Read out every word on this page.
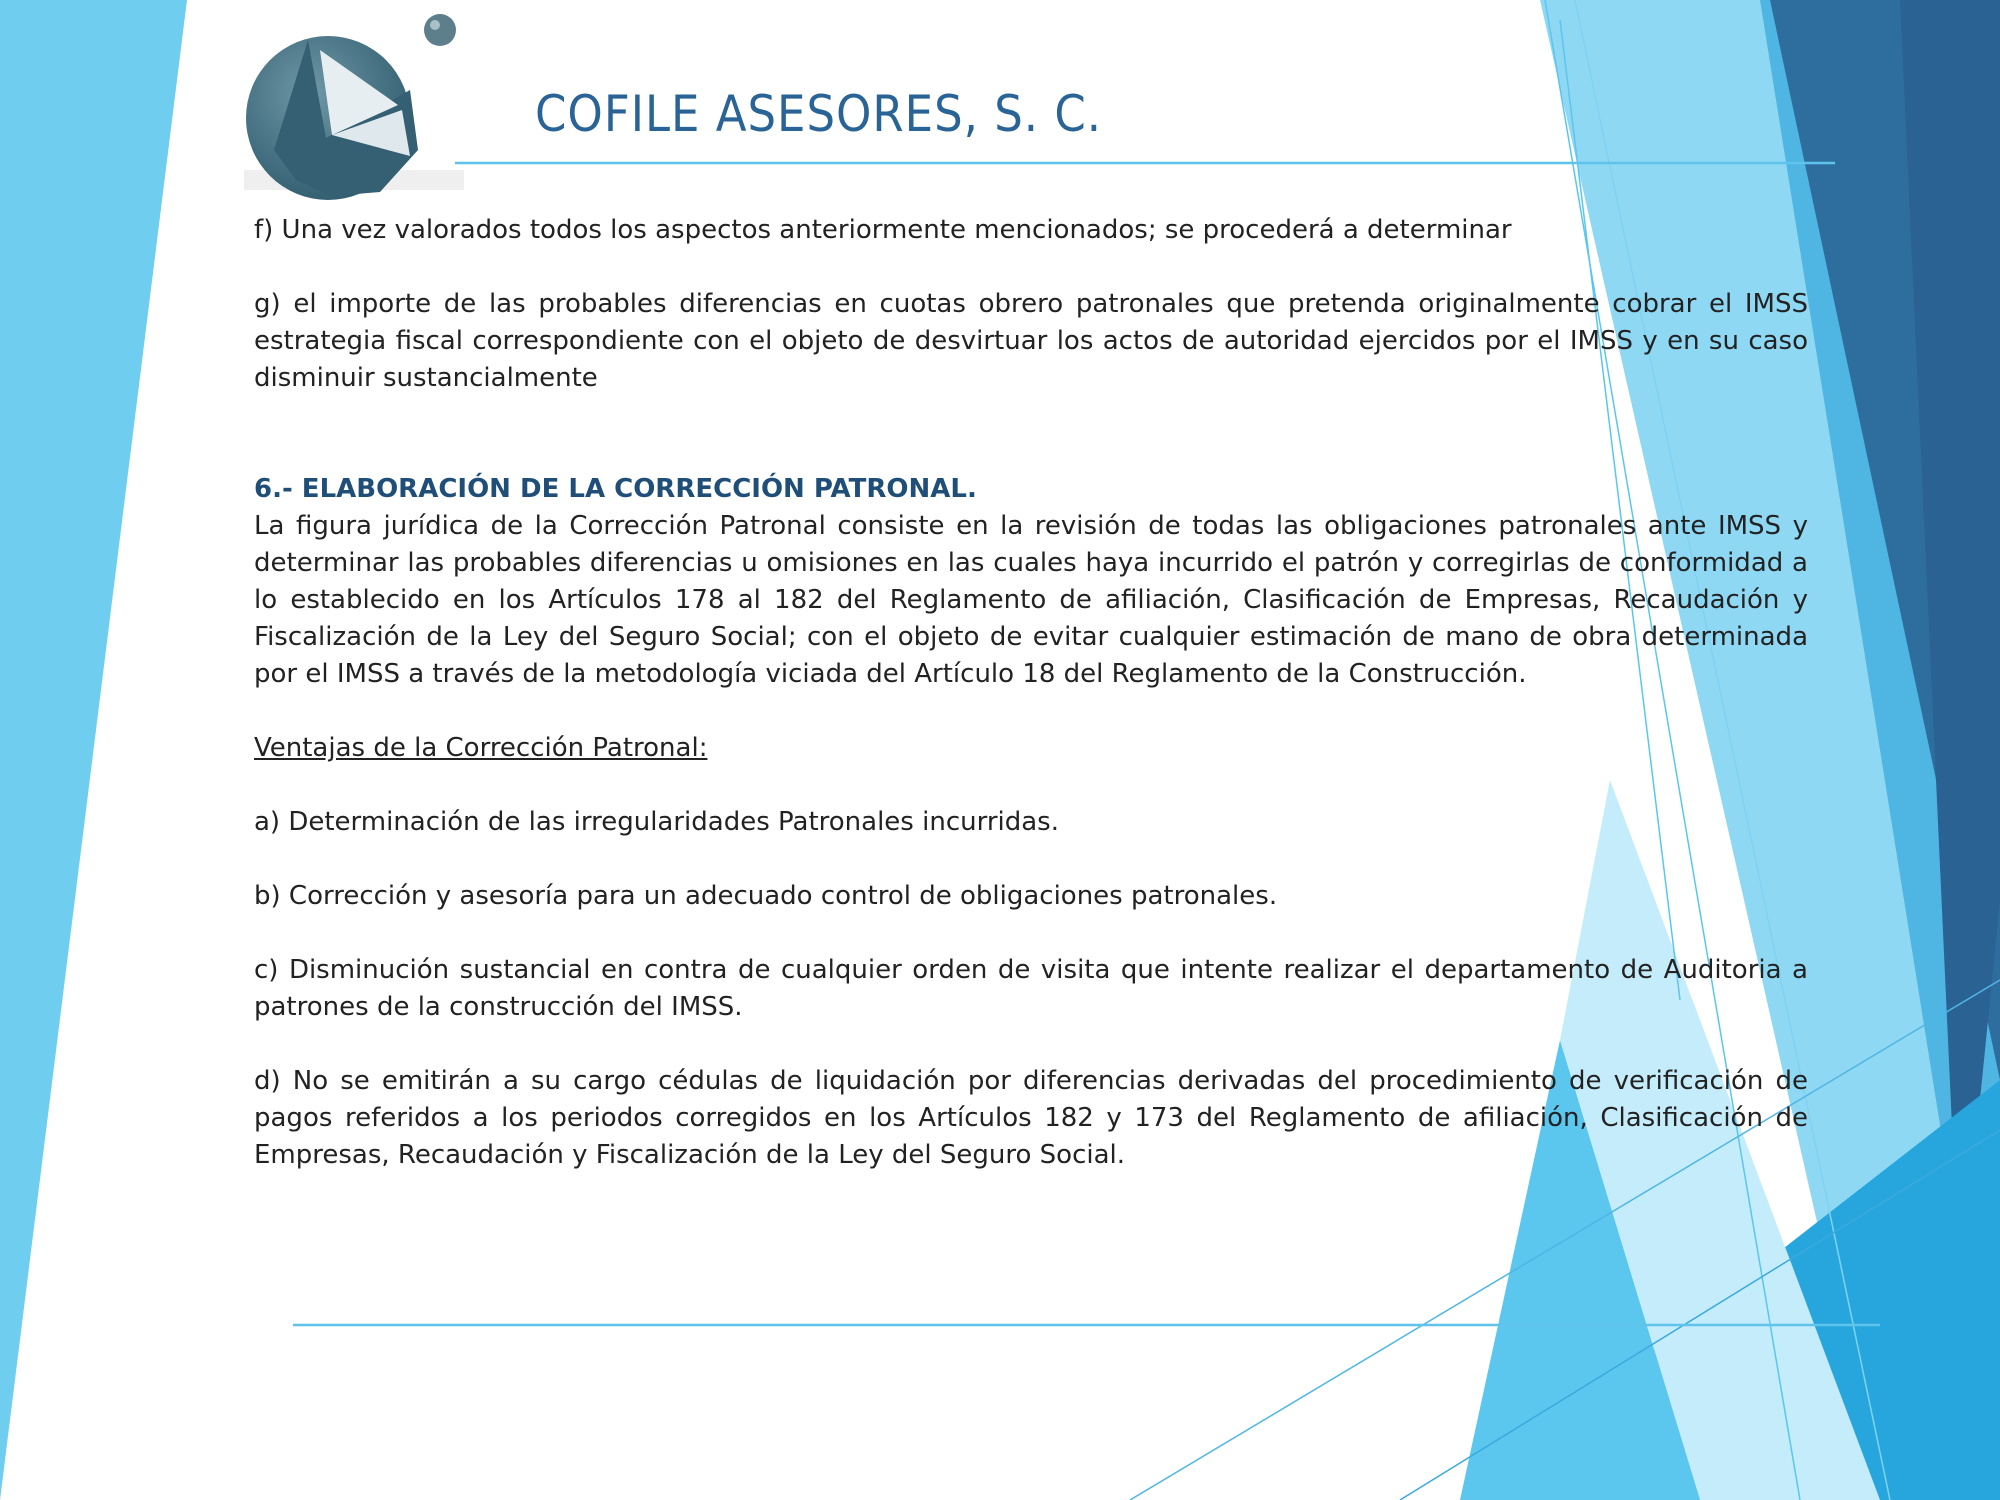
COFILE ASESORES, S. C.

f) Una vez valorados todos los aspectos anteriormente mencionados; se procederá a determinar

g) el importe de las probables diferencias en cuotas obrero patronales que pretenda originalmente cobrar el IMSS estrategia fiscal correspondiente con el objeto de desvirtuar los actos de autoridad ejercidos por el IMSS y en su caso disminuir sustancialmente

6.- ELABORACIÓN DE LA CORRECCIÓN PATRONAL.

La figura jurídica de la Corrección Patronal consiste en la revisión de todas las obligaciones patronales ante IMSS y determinar las probables diferencias u omisiones en las cuales haya incurrido el patrón y corregirlas de conformidad a lo establecido en los Artículos 178 al 182 del Reglamento de afiliación, Clasificación de Empresas, Recaudación y Fiscalización de la Ley del Seguro Social; con el objeto de evitar cualquier estimación de mano de obra determinada por el IMSS a través de la metodología viciada del Artículo 18 del Reglamento de la Construcción.

Ventajas de la Corrección Patronal:

a) Determinación de las irregularidades Patronales incurridas.

b) Corrección y asesoría para un adecuado control de obligaciones patronales.

c) Disminución sustancial en contra de cualquier orden de visita que intente realizar el departamento de Auditoria a patrones de la construcción del IMSS.

d) No se emitirán a su cargo cédulas de liquidación por diferencias derivadas del procedimiento de verificación de pagos referidos a los periodos corregidos en los Artículos 182 y 173 del Reglamento de afiliación, Clasificación de Empresas, Recaudación y Fiscalización de la Ley del Seguro Social.
